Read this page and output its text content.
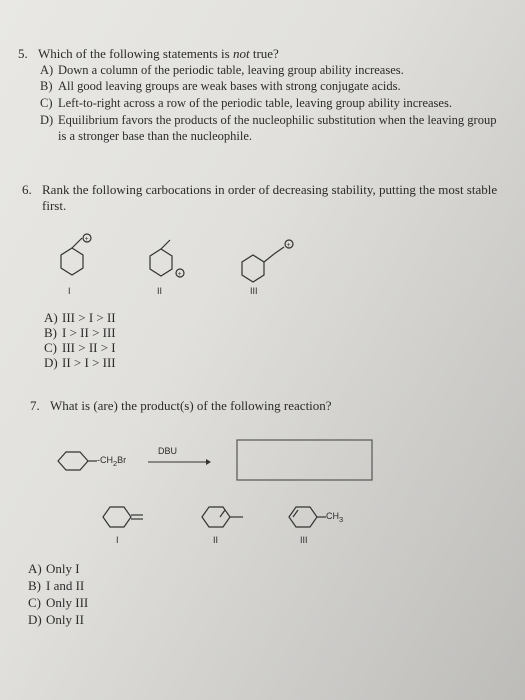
5. Which of the following statements is not true?
A) Down a column of the periodic table, leaving group ability increases.
B) All good leaving groups are weak bases with strong conjugate acids.
C) Left-to-right across a row of the periodic table, leaving group ability increases.
D) Equilibrium favors the products of the nucleophilic substitution when the leaving group
is a stronger base than the nucleophile.
6. Rank the following carbocations in order of decreasing stability, putting the most stable
first.
+
+
+
I	II	III
A) III > I > II
B) I > II > III
C) III > II > I
D) II > I > III
7. What is (are) the product(s) of the following reaction?
$-CH_2Br$
DBU
$CH_3$
I	II	III
A) Only I
B) I and II
C) Only III
D) Only II
